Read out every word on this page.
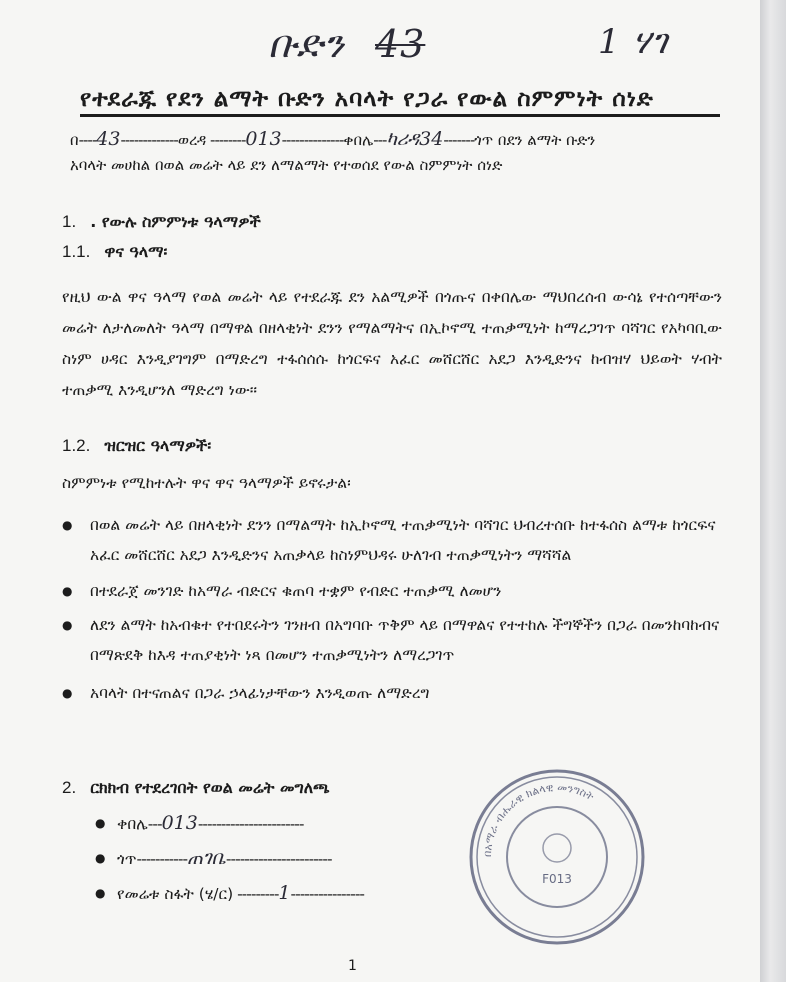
ቡድን 43	1 ሃገ
የተደራጁ የደን ልማት ቡድን አባላት የጋራ የውል ስምምነት ሰነድ
በ----43-------------ወረዳ --------013--------------ቀበሌ---ካሪዳ34-------ጎጥ በደን ልማት ቡድን
አባላት መሀከል በወል መሬት ላይ ደን ለማልማት የተወሰደ የውል ስምምነት ሰነድ
1. . የውሉ ስምምነቱ ዓላማዎች
1.1. ዋና ዓላማ፡
የዚህ ውል ዋና ዓላማ የወል መሬት ላይ የተደራጁ ደን አልሚዎች በጎጡና በቀበሌው ማህበረሰብ ውሳኔ የተሰጣቸውን መሬት ለታለመለት ዓላማ በማዋል በዘላቂነት ደንን የማልማትና በኢኮኖሚ ተጠቃሚነት ከማረጋገጥ ባሻገር የአካባቢው ስነም ሀዳር እንዲያገግም በማድረግ ተፋሰሰሱ ከጎርፍና አፈር መሸርሸር አደጋ እንዲድንና ከብዝሃ ህይወት ሃብት ተጠቃሚ እንዲሆንለ ማድረግ ነው፡፡
1.2. ዝርዝር ዓላማዎች፡
ስምምነቱ የሚከተሉት ዋና ዋና ዓላማዎች ይኖሩታል፡
● በወል መሬት ላይ በዘላቂነት ደንን በማልማት ከኢኮኖሚ ተጠቃሚነት ባሻገር ህብረተሰቡ ከተፋሰስ ልማቱ ከጎርፍና አፈር መሸርሸር አደጋ እንዲድንና አጠቃላይ ከስነምህዳሩ ሁለገብ ተጠቃሚነትን ማሻሻል
● በተደራጀ መንገድ ከአማራ ብድርና ቁጠባ ተቋም የብድር ተጠቃሚ ለመሆን
● ለደን ልማት ከአብቁተ የተበደሩትን ገንዘብ በአግባቡ ጥቅም ላይ በማዋልና የተተከሉ ችግኞችን በጋራ በመንከባከብና በማጽደቅ ከእዳ ተጠያቂነት ነጻ በመሆን ተጠቃሚነትን ለማረጋገጥ
● አባላት በተናጠልና በጋራ ኃላፊነታቸውን እንዲወጡ ለማድረግ
2. ርክክብ የተደረገበት የወል መሬት መግለጫ
● ቀበሌ---013-----------------------
● ጎጥ-----------ጠገቤ-----------------------
● የመሬቱ ስፋት (ሄ/ር) ---------1----------------
በአማራ ብሔራዊ ክልላዊ መንግስት
F013
1
